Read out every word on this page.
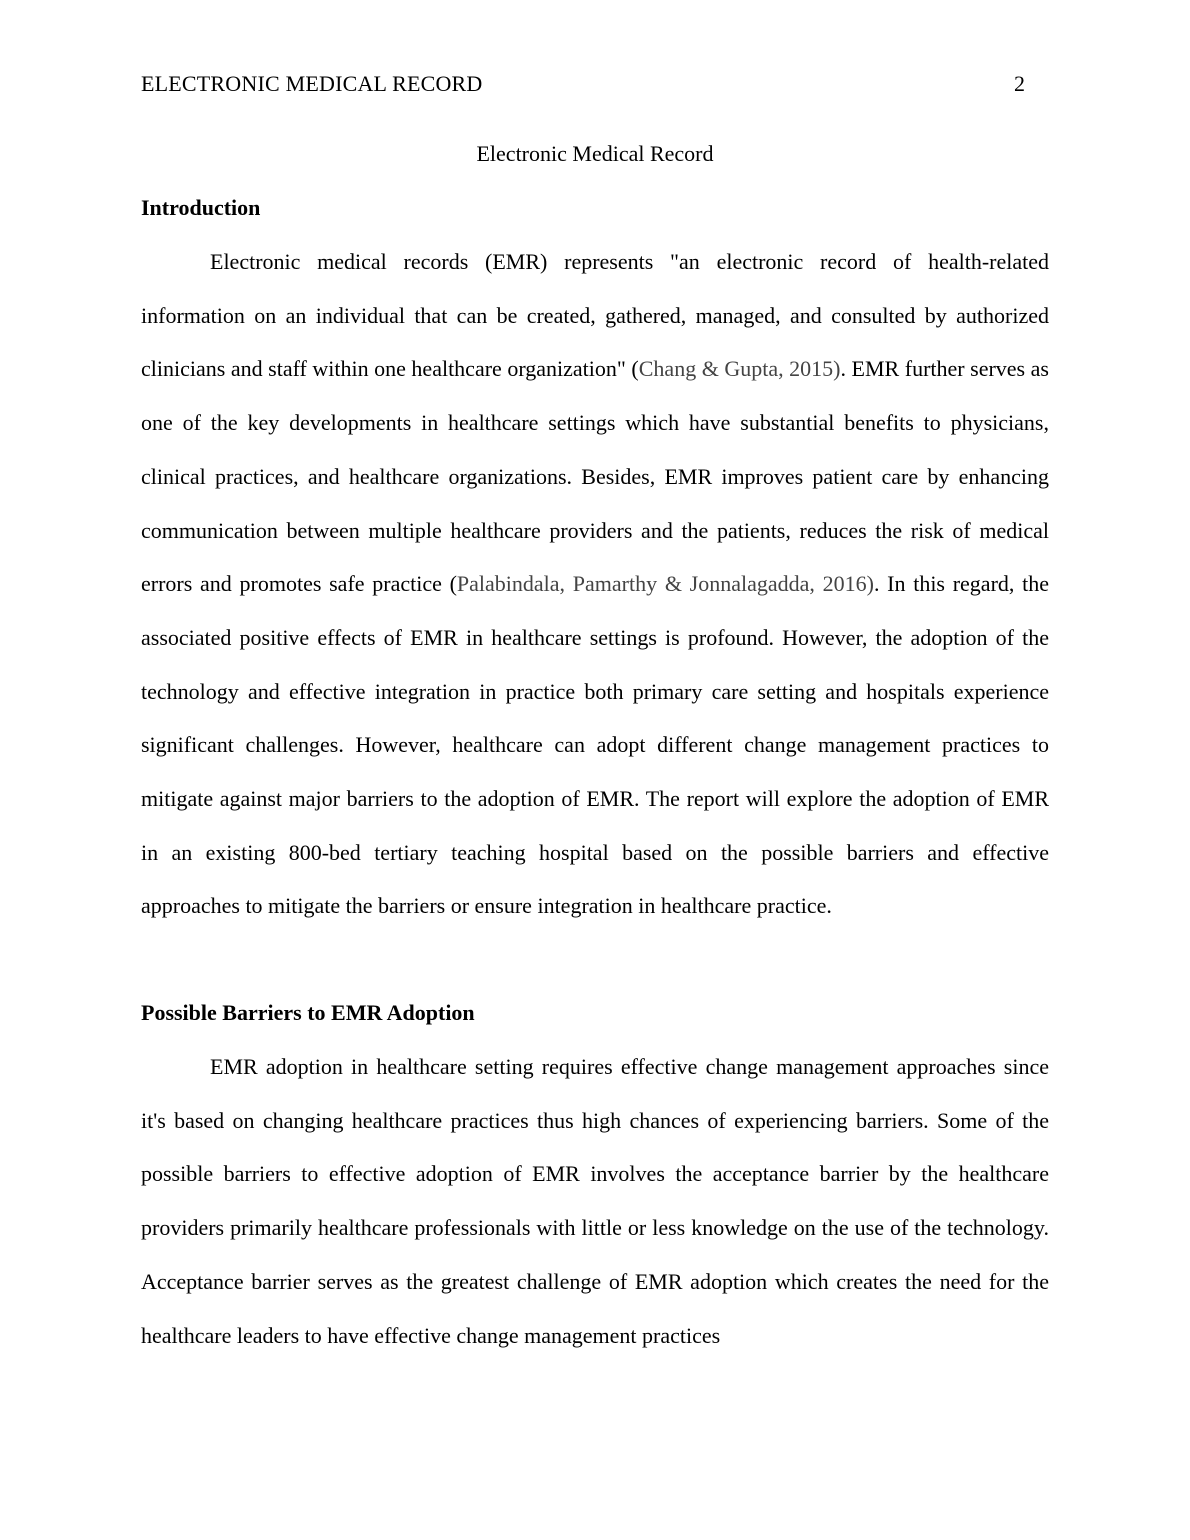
ELECTRONIC MEDICAL RECORD	2
Electronic Medical Record
Introduction

Electronic medical records (EMR) represents "an electronic record of health-related information on an individual that can be created, gathered, managed, and consulted by authorized clinicians and staff within one healthcare organization" (Chang & Gupta, 2015). EMR further serves as one of the key developments in healthcare settings which have substantial benefits to physicians, clinical practices, and healthcare organizations. Besides, EMR improves patient care by enhancing communication between multiple healthcare providers and the patients, reduces the risk of medical errors and promotes safe practice (Palabindala, Pamarthy & Jonnalagadda, 2016). In this regard, the associated positive effects of EMR in healthcare settings is profound. However, the adoption of the technology and effective integration in practice both primary care setting and hospitals experience significant challenges. However, healthcare can adopt different change management practices to mitigate against major barriers to the adoption of EMR. The report will explore the adoption of EMR in an existing 800-bed tertiary teaching hospital based on the possible barriers and effective approaches to mitigate the barriers or ensure integration in healthcare practice.

Possible Barriers to EMR Adoption

EMR adoption in healthcare setting requires effective change management approaches since it's based on changing healthcare practices thus high chances of experiencing barriers. Some of the possible barriers to effective adoption of EMR involves the acceptance barrier by the healthcare providers primarily healthcare professionals with little or less knowledge on the use of the technology. Acceptance barrier serves as the greatest challenge of EMR adoption which creates the need for the healthcare leaders to have effective change management practices
